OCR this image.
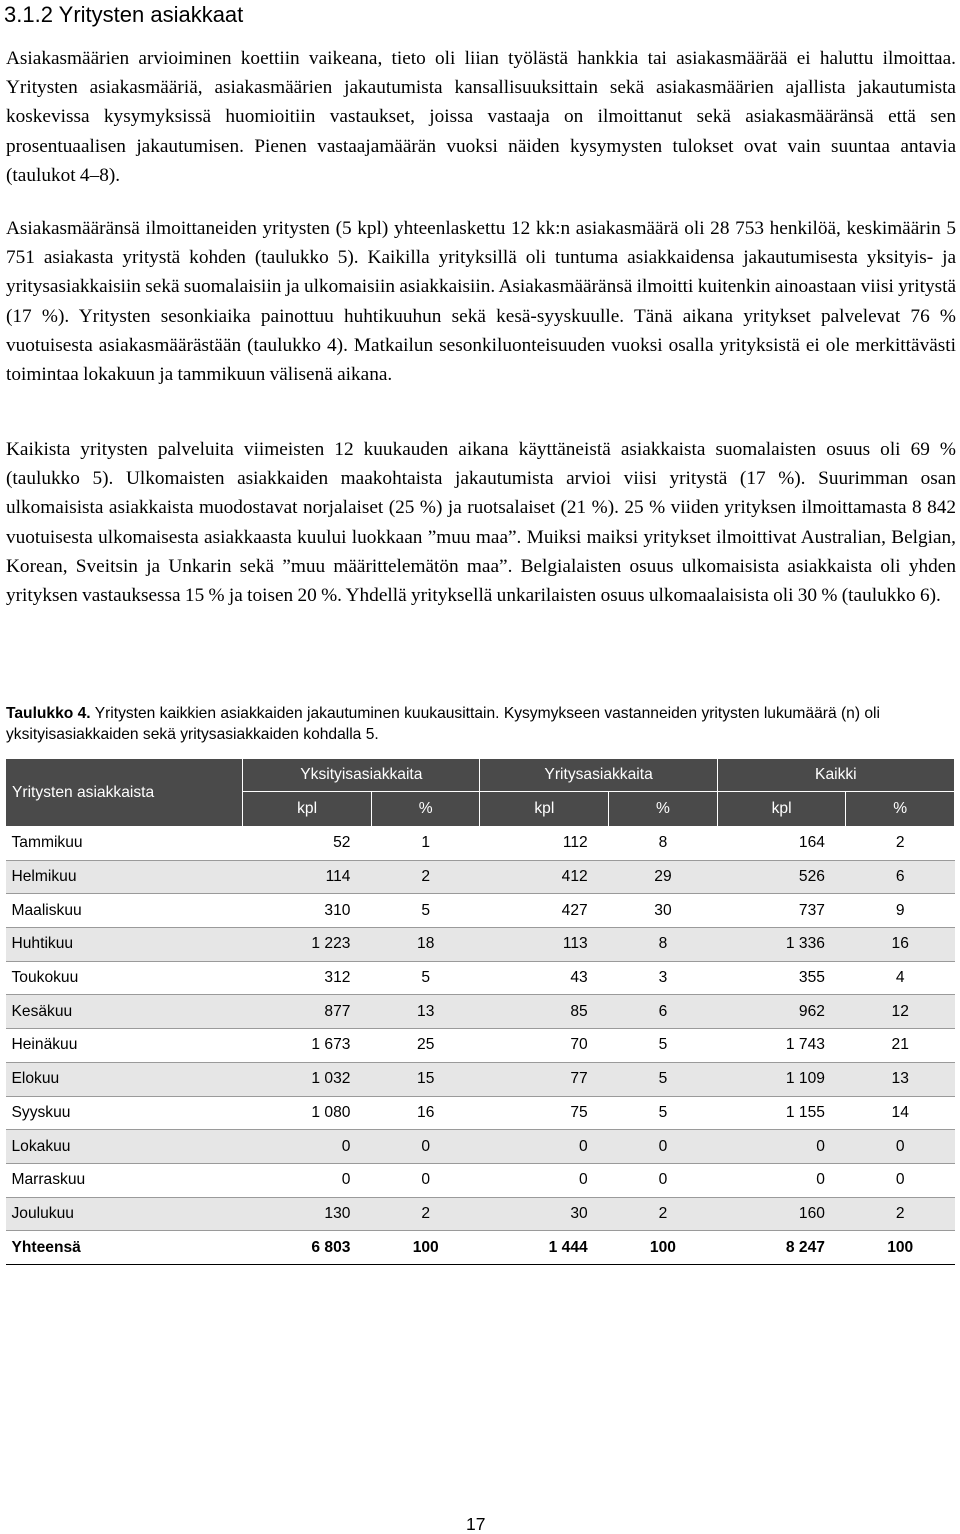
3.1.2 Yritysten asiakkaat

Asiakasmäärien arvioiminen koettiin vaikeana, tieto oli liian työlästä hankkia tai asiakasmäärää ei haluttu ilmoittaa. Yritysten asiakasmääriä, asiakasmäärien jakautumista kansallisuuksittain sekä asiakasmäärien ajallista jakautumista koskevissa kysymyksissä huomioitiin vastaukset, joissa vastaaja on ilmoittanut sekä asiakasmääränsä että sen prosentuaalisen jakautumisen. Pienen vastaajamäärän vuoksi näiden kysymysten tulokset ovat vain suuntaa antavia (taulukot 4–8).

Asiakasmääränsä ilmoittaneiden yritysten (5 kpl) yhteenlaskettu 12 kk:n asiakasmäärä oli 28 753 henkilöä, keskimäärin 5 751 asiakasta yritystä kohden (taulukko 5). Kaikilla yrityksillä oli tuntuma asiakkaidensa jakautumisesta yksityis- ja yritysasiakkaisiin sekä suomalaisiin ja ulkomaisiin asiakkaisiin. Asiakasmääränsä ilmoitti kuitenkin ainoastaan viisi yritystä (17 %). Yritysten sesonkiaika painottuu huhtikuuhun sekä kesä-syyskuulle. Tänä aikana yritykset palvelevat 76 % vuotuisesta asiakasmäärästään (taulukko 4). Matkailun sesonkiluonteisuuden vuoksi osalla yrityksistä ei ole merkittävästi toimintaa lokakuun ja tammikuun välisenä aikana.

Kaikista yritysten palveluita viimeisten 12 kuukauden aikana käyttäneistä asiakkaista suomalaisten osuus oli 69 % (taulukko 5). Ulkomaisten asiakkaiden maakohtaista jakautumista arvioi viisi yritystä (17 %). Suurimman osan ulkomaisista asiakkaista muodostavat norjalaiset (25 %) ja ruotsalaiset (21 %). 25 % viiden yrityksen ilmoittamasta 8 842 vuotuisesta ulkomaisesta asiakkaasta kuului luokkaan ”muu maa”. Muiksi maiksi yritykset ilmoittivat Australian, Belgian, Korean, Sveitsin ja Unkarin sekä ”muu määrittelemätön maa”. Belgialaisten osuus ulkomaisista asiakkaista oli yhden yrityksen vastauksessa 15 % ja toisen 20 %. Yhdellä yrityksellä unkarilaisten osuus ulkomaalaisista oli 30 % (taulukko 6).

Taulukko 4. Yritysten kaikkien asiakkaiden jakautuminen kuukausittain. Kysymykseen vastanneiden yritysten lukumäärä (n) oli yksityisasiakkaiden sekä yritysasiakkaiden kohdalla 5.
Yritysten asiakkaista	Yksityisasiakkaita		Yritysasiakkaita		Kaikki	
	kpl	%	kpl	%	kpl	%
Tammikuu	52	1	112	8	164	2
Helmikuu	114	2	412	29	526	6
Maaliskuu	310	5	427	30	737	9
Huhtikuu	1 223	18	113	8	1 336	16
Toukokuu	312	5	43	3	355	4
Kesäkuu	877	13	85	6	962	12
Heinäkuu	1 673	25	70	5	1 743	21
Elokuu	1 032	15	77	5	1 109	13
Syyskuu	1 080	16	75	5	1 155	14
Lokakuu	0	0	0	0	0	0
Marraskuu	0	0	0	0	0	0
Joulukuu	130	2	30	2	160	2
Yhteensä	6 803	100	1 444	100	8 247	100
17
